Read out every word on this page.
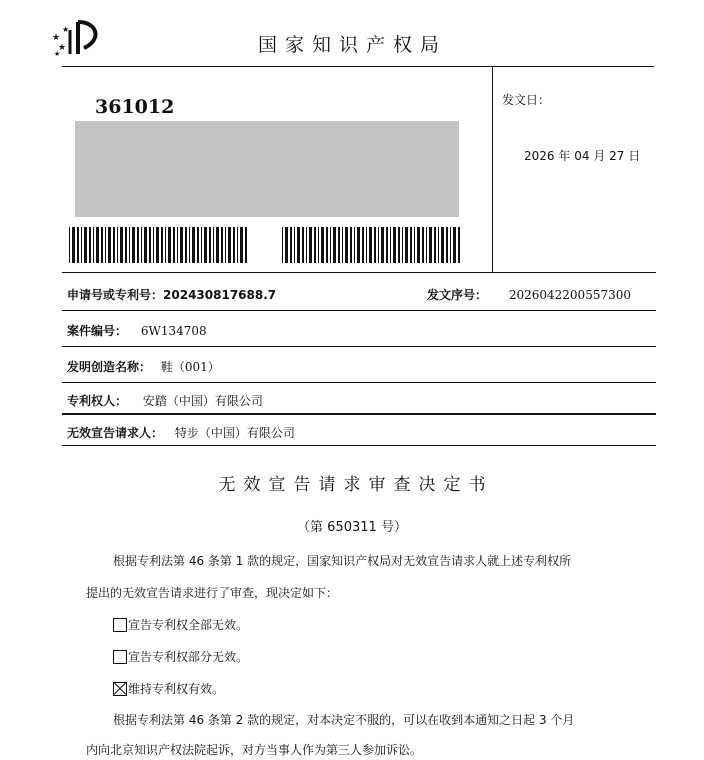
★
★
★
★	国家知识产权局
361012	发文日：
2026 年 04 月 27 日
申请号或专利号：202430817688.7	发文序号： 2026042200557300
案件编号： 6W134708
发明创造名称： 鞋（001）
专利权人： 安踏（中国）有限公司
无效宣告请求人： 特步（中国）有限公司
无效宣告请求审查决定书
（第 650311 号）
根据专利法第 46 条第 1 款的规定，国家知识产权局对无效宣告请求人就上述专利权所
提出的无效宣告请求进行了审查，现决定如下：
宣告专利权全部无效。
宣告专利权部分无效。
维持专利权有效。
根据专利法第 46 条第 2 款的规定，对本决定不服的，可以在收到本通知之日起 3 个月
内向北京知识产权法院起诉，对方当事人作为第三人参加诉讼。
